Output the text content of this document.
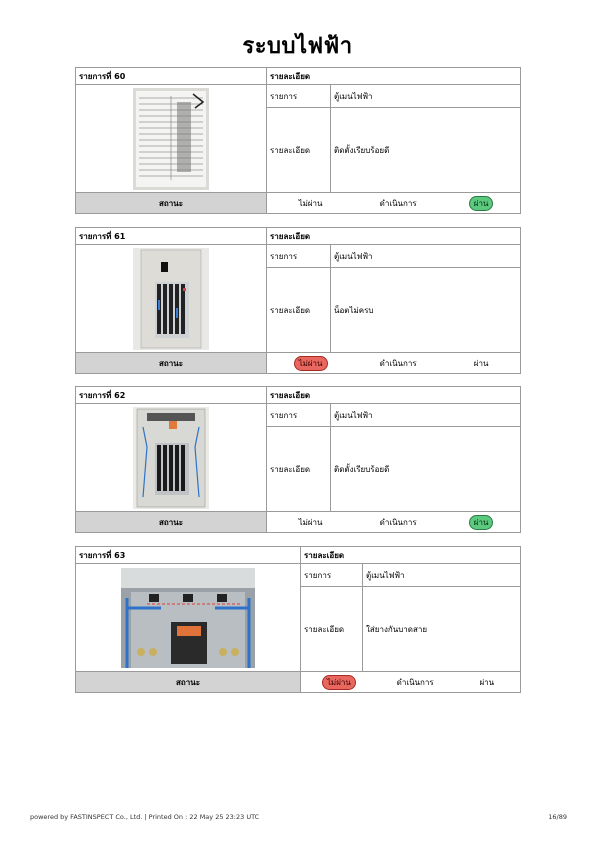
ระบบไฟฟ้า
รายการที่ 60	รายละเอียด	
	รายการ	ตู้เมนไฟฟ้า
	รายละเอียด	ติดตั้งเรียบร้อยดี
สถานะ	ไม่ผ่าน ดำเนินการ ผ่าน	
รายการที่ 61	รายละเอียด	
	รายการ	ตู้เมนไฟฟ้า
	รายละเอียด	น็อตไม่ครบ
สถานะ	ไม่ผ่าน ดำเนินการ ผ่าน	
รายการที่ 62	รายละเอียด	
	รายการ	ตู้เมนไฟฟ้า
	รายละเอียด	ติดตั้งเรียบร้อยดี
สถานะ	ไม่ผ่าน ดำเนินการ ผ่าน	
รายการที่ 63	รายละเอียด	
	รายการ	ตู้เมนไฟฟ้า
	รายละเอียด	ใส่ยางกันบาดสาย
สถานะ	ไม่ผ่าน ดำเนินการ ผ่าน	
powered by FASTINSPECT Co., Ltd. | Printed On : 22 May 25 23:23 UTC	16/89
